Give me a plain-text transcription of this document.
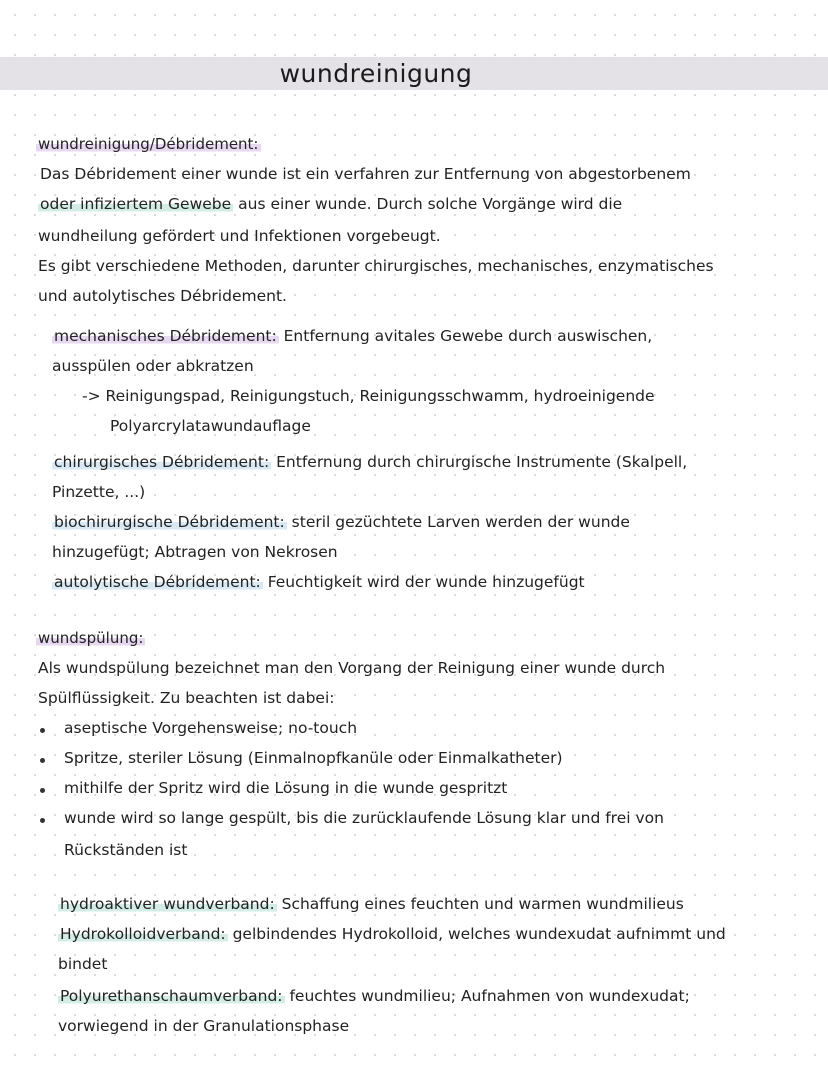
wundreinigung
wundreinigung/Débridement:
Das Débridement einer wunde ist ein verfahren zur Entfernung von abgestorbenem
oder infiziertem Gewebe aus einer wunde. Durch solche Vorgänge wird die
wundheilung gefördert und Infektionen vorgebeugt.
Es gibt verschiedene Methoden, darunter chirurgisches, mechanisches, enzymatisches
und autolytisches Débridement.
mechanisches Débridement: Entfernung avitales Gewebe durch auswischen,
ausspülen oder abkratzen
-> Reinigungspad, Reinigungstuch, Reinigungsschwamm, hydroeinigende
Polyarcrylatawundauflage
chirurgisches Débridement: Entfernung durch chirurgische Instrumente (Skalpell,
Pinzette, ...)
biochirurgische Débridement: steril gezüchtete Larven werden der wunde
hinzugefügt; Abtragen von Nekrosen
autolytische Débridement: Feuchtigkeit wird der wunde hinzugefügt
wundspülung:
Als wundspülung bezeichnet man den Vorgang der Reinigung einer wunde durch
Spülflüssigkeit. Zu beachten ist dabei:
aseptische Vorgehensweise; no-touch
Spritze, steriler Lösung (Einmalnopfkanüle oder Einmalkatheter)
mithilfe der Spritz wird die Lösung in die wunde gespritzt
wunde wird so lange gespült, bis die zurücklaufende Lösung klar und frei von
Rückständen ist
hydroaktiver wundverband: Schaffung eines feuchten und warmen wundmilieus
Hydrokolloidverband: gelbindendes Hydrokolloid, welches wundexudat aufnimmt und
bindet
Polyurethanschaumverband: feuchtes wundmilieu; Aufnahmen von wundexudat;
vorwiegend in der Granulationsphase
